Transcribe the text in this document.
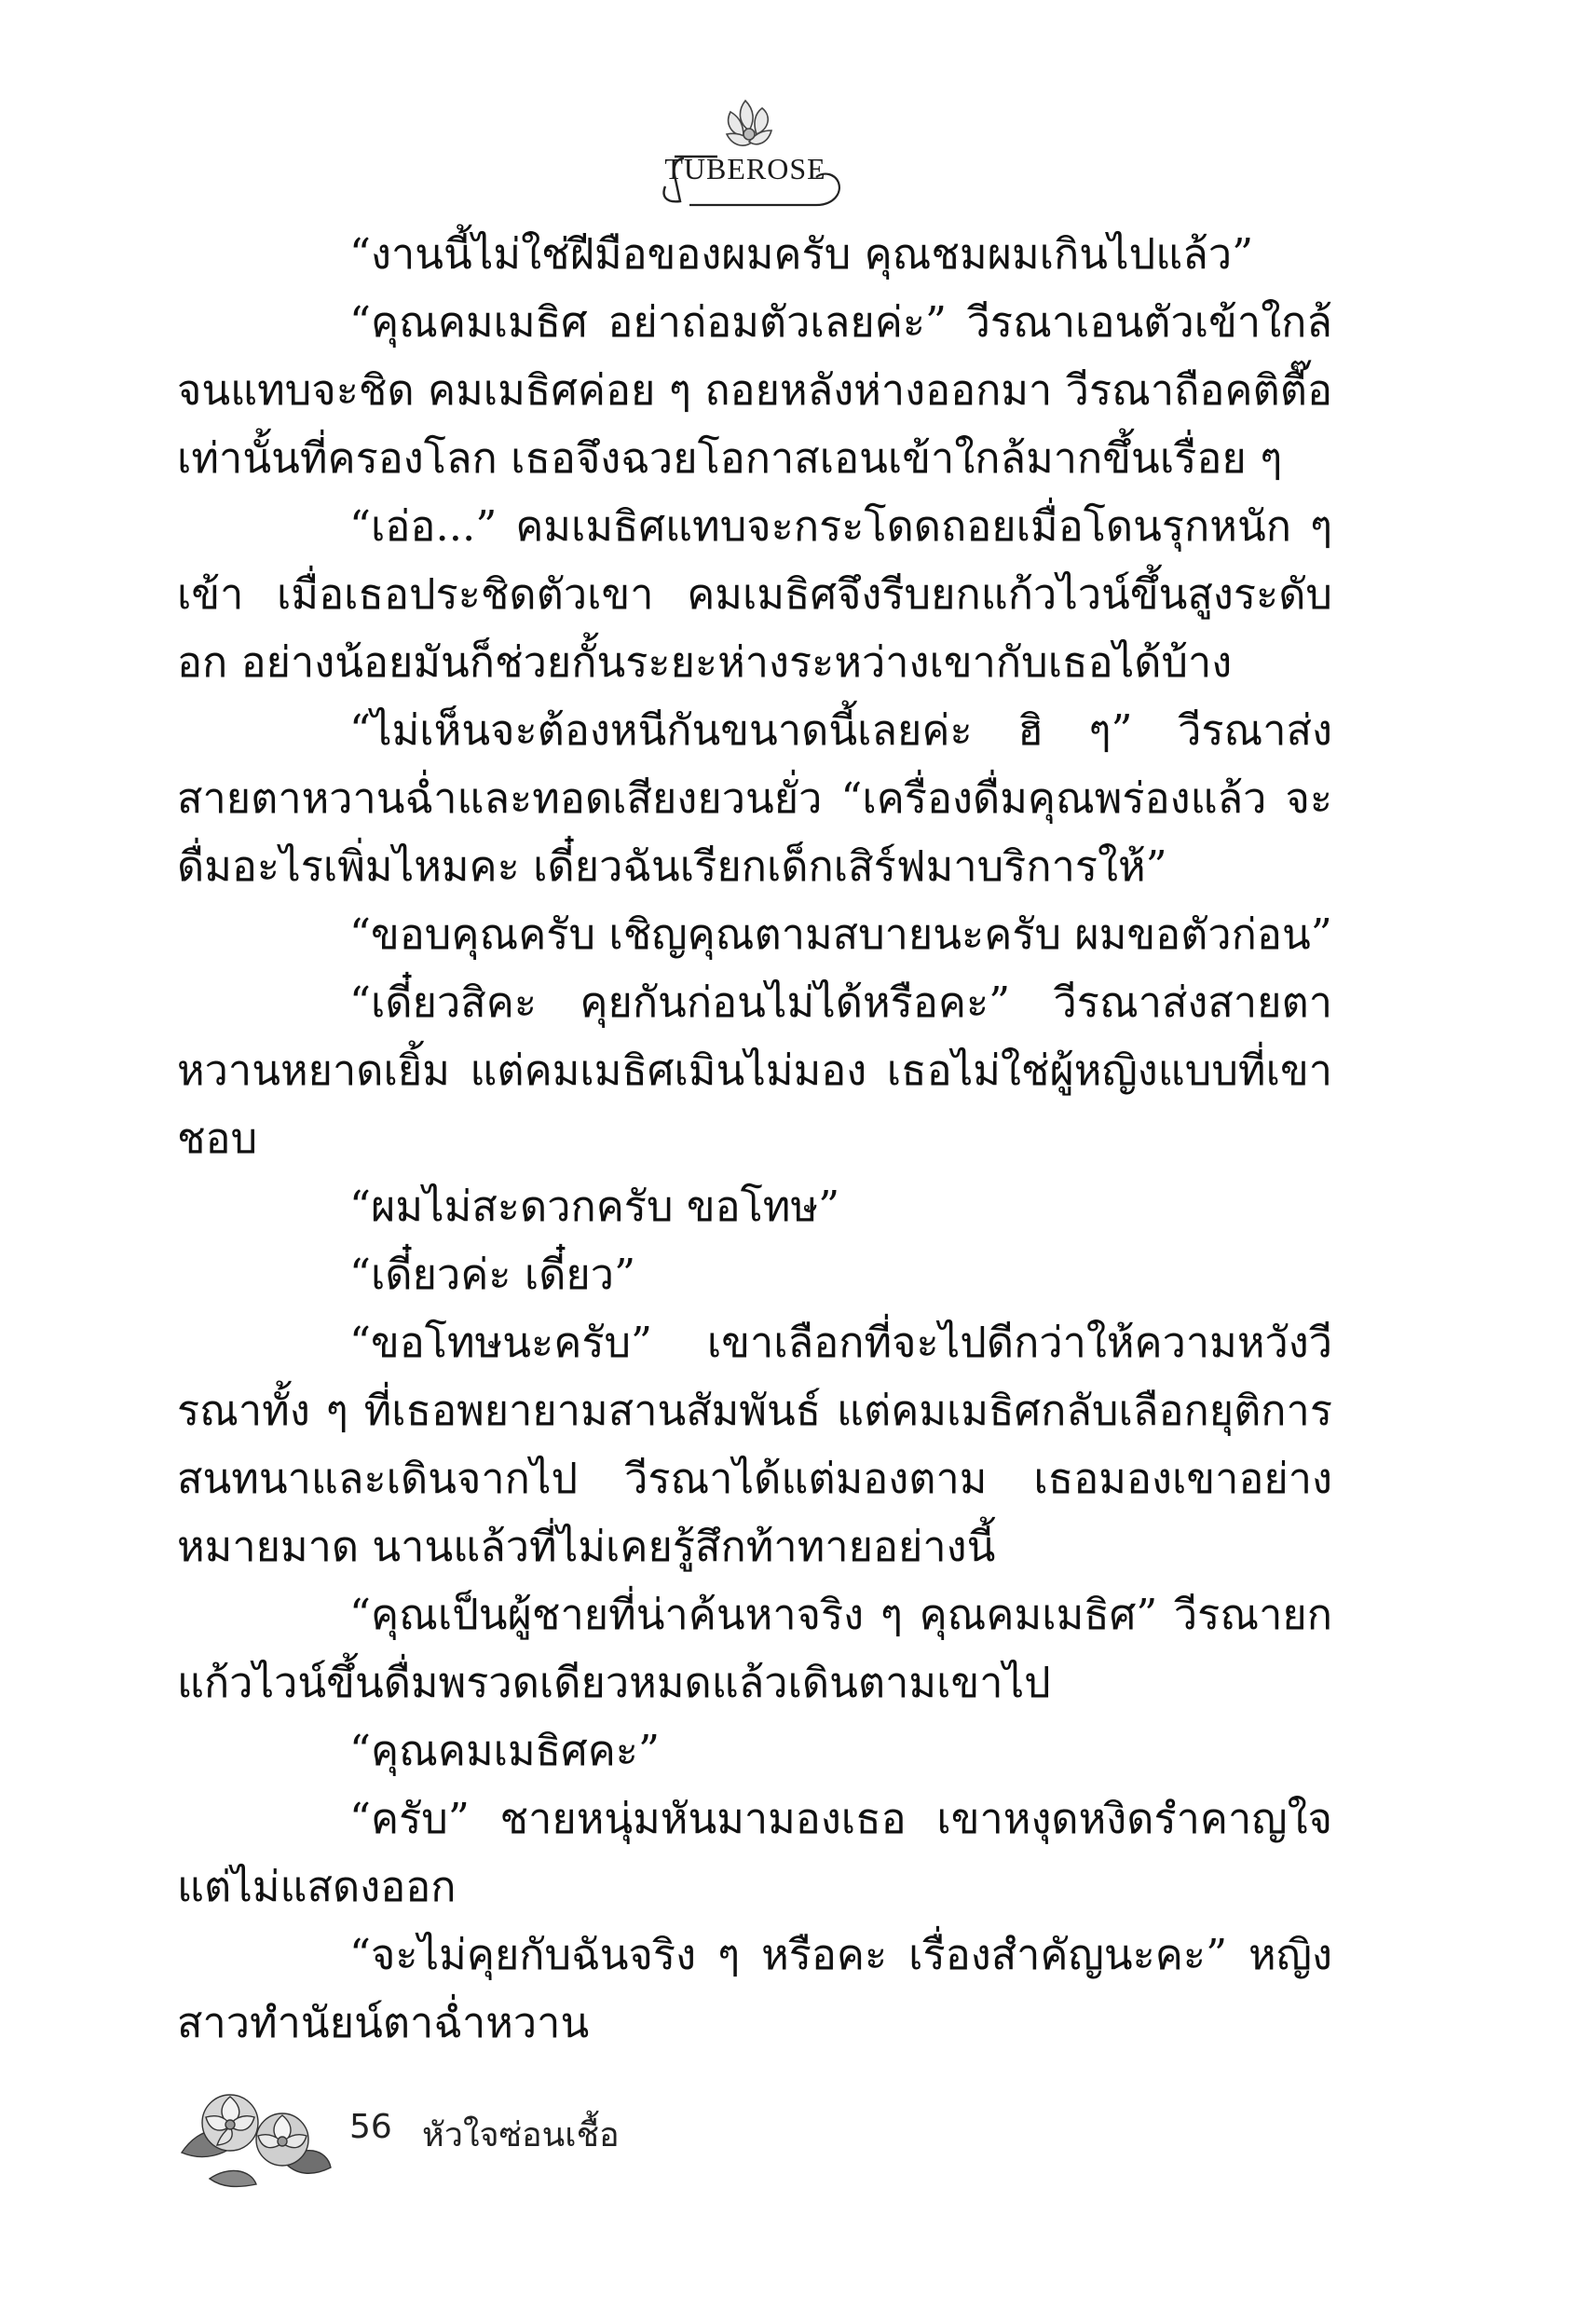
TUBEROSE

“งานนี้ไม่ใช่ฝีมือของผมครับ คุณชมผมเกินไปแล้ว”

“คุณคมเมธิศ อย่าถ่อมตัวเลยค่ะ” วีรณาเอนตัวเข้าใกล้จนแทบจะชิด คมเมธิศค่อย ๆ ถอยหลังห่างออกมา วีรณาถือคติตื๊อเท่านั้นที่ครองโลก เธอจึงฉวยโอกาสเอนเข้าใกล้มากขึ้นเรื่อย ๆ

“เอ่อ...” คมเมธิศแทบจะกระโดดถอยเมื่อโดนรุกหนัก ๆ เข้า เมื่อเธอประชิดตัวเขา คมเมธิศจึงรีบยกแก้วไวน์ขึ้นสูงระดับอก อย่างน้อยมันก็ช่วยกั้นระยะห่างระหว่างเขากับเธอได้บ้าง

“ไม่เห็นจะต้องหนีกันขนาดนี้เลยค่ะ ฮิ ๆ” วีรณาส่งสายตาหวานฉ่ำและทอดเสียงยวนยั่ว “เครื่องดื่มคุณพร่องแล้ว จะดื่มอะไรเพิ่มไหมคะ เดี๋ยวฉันเรียกเด็กเสิร์ฟมาบริการให้”

“ขอบคุณครับ เชิญคุณตามสบายนะครับ ผมขอตัวก่อน”

“เดี๋ยวสิคะ คุยกันก่อนไม่ได้หรือคะ” วีรณาส่งสายตาหวานหยาดเยิ้ม แต่คมเมธิศเมินไม่มอง เธอไม่ใช่ผู้หญิงแบบที่เขาชอบ

“ผมไม่สะดวกครับ ขอโทษ”

“เดี๋ยวค่ะ เดี๋ยว”

“ขอโทษนะครับ” เขาเลือกที่จะไปดีกว่าให้ความหวังวีรณาทั้ง ๆ ที่เธอพยายามสานสัมพันธ์ แต่คมเมธิศกลับเลือกยุติการสนทนาและเดินจากไป วีรณาได้แต่มองตาม เธอมองเขาอย่างหมายมาด นานแล้วที่ไม่เคยรู้สึกท้าทายอย่างนี้

“คุณเป็นผู้ชายที่น่าค้นหาจริง ๆ คุณคมเมธิศ” วีรณายกแก้วไวน์ขึ้นดื่มพรวดเดียวหมดแล้วเดินตามเขาไป

“คุณคมเมธิศคะ”

“ครับ” ชายหนุ่มหันมามองเธอ เขาหงุดหงิดรำคาญใจแต่ไม่แสดงออก

“จะไม่คุยกับฉันจริง ๆ หรือคะ เรื่องสำคัญนะคะ” หญิงสาวทำนัยน์ตาฉ่ำหวาน

56 หัวใจซ่อนเชื้อ
